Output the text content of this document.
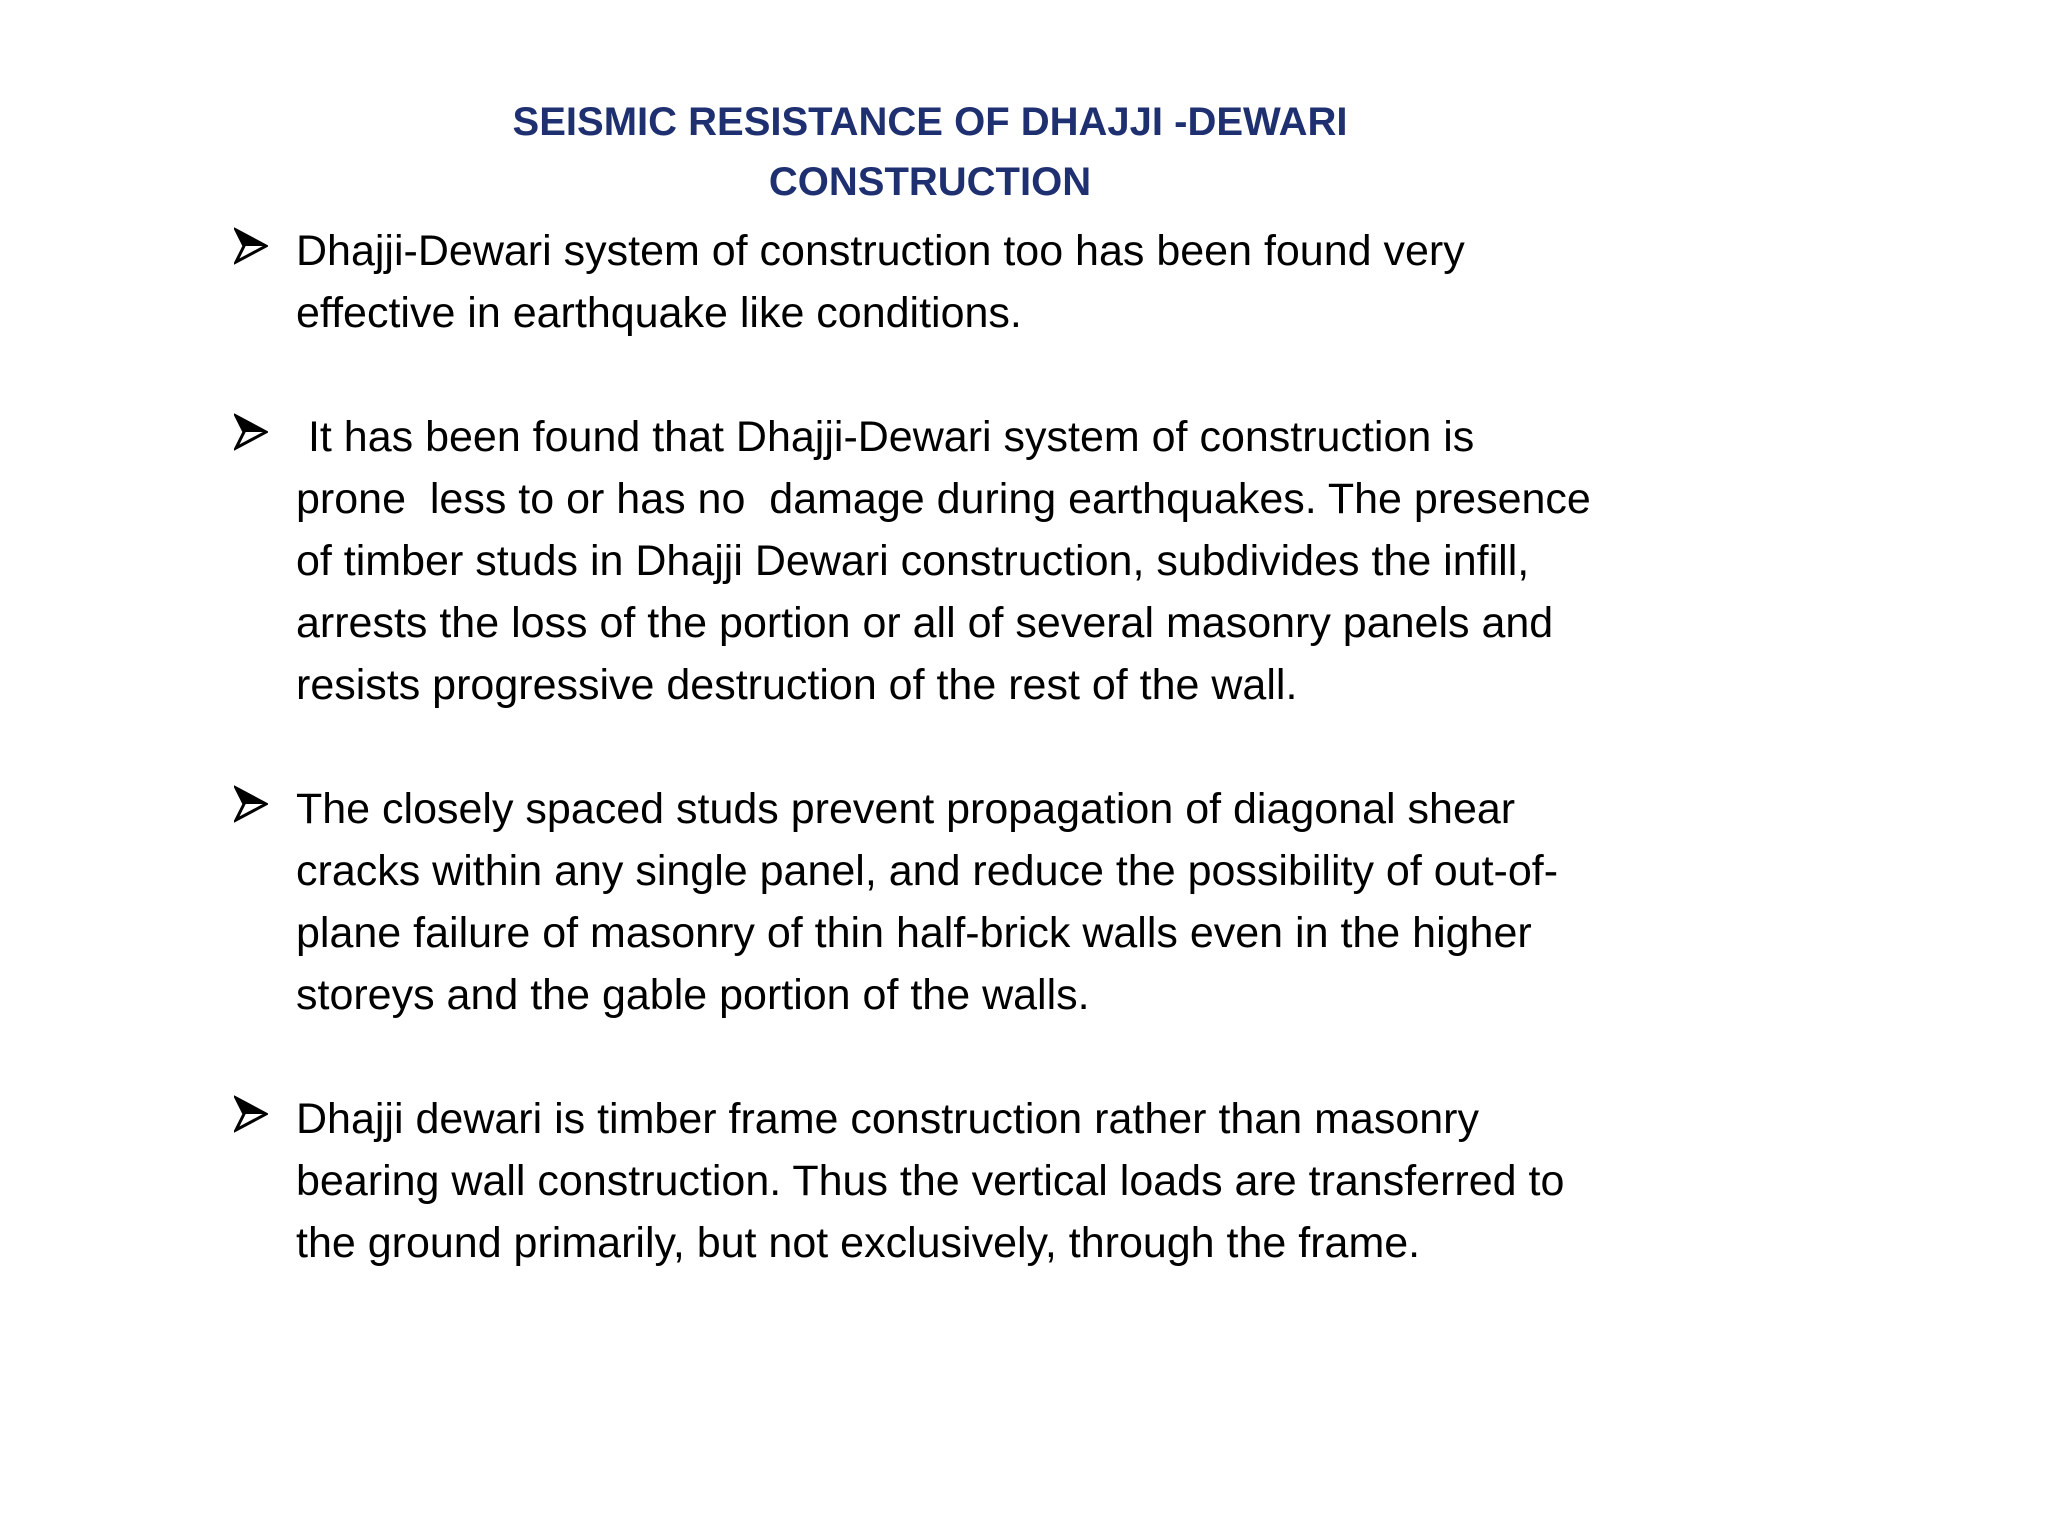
SEISMIC RESISTANCE OF DHAJJI -DEWARI
CONSTRUCTION
Dhajji-Dewari system of construction too has been found very
effective in earthquake like conditions.
It has been found that Dhajji-Dewari system of construction is
prone  less to or has no  damage during earthquakes. The presence
of timber studs in Dhajji Dewari construction, subdivides the infill,
arrests the loss of the portion or all of several masonry panels and
resists progressive destruction of the rest of the wall.
The closely spaced studs prevent propagation of diagonal shear
cracks within any single panel, and reduce the possibility of out-of-
plane failure of masonry of thin half-brick walls even in the higher
storeys and the gable portion of the walls.
Dhajji dewari is timber frame construction rather than masonry
bearing wall construction. Thus the vertical loads are transferred to
the ground primarily, but not exclusively, through the frame.
